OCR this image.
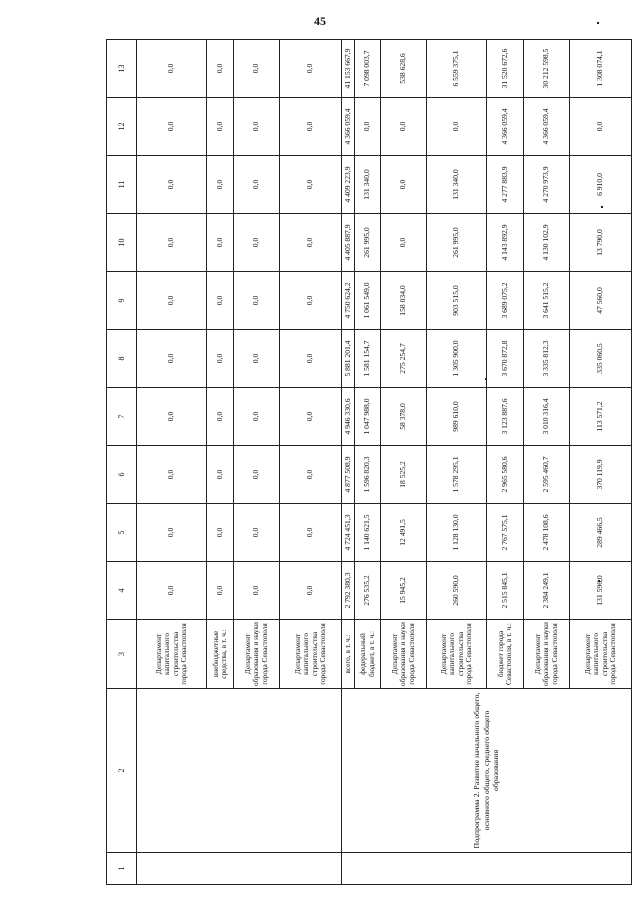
45
1	2	3	4	5	6	7	8	9	10	11	12	13
		Департамент капитального строительства города Севастополя	0,0	0,0	0,0	0,0	0,0	0,0	0,0	0,0	0,0	0,0
		внебюджетные средства, в т. ч.:	0,0	0,0	0,0	0,0	0,0	0,0	0,0	0,0	0,0	0,0
		Департамент образования и науки города Севастополя	0,0	0,0	0,0	0,0	0,0	0,0	0,0	0,0	0,0	0,0
		Департамент капитального строительства города Севастополя	0,0	0,0	0,0	0,0	0,0	0,0	0,0	0,0	0,0	0,0
	Подпрограмма 2. Развитие начального общего, основного общего, среднего общего образования	всего, в т. ч.:	2 792 380,3	4 724 451,3	4 877 508,9	4 946 330,6	5 881 201,4	4 750 624,2	4 405 887,9	4 409 223,9	4 366 059,4	41 153 667,9
		федеральный бюджет, в т. ч.:	276 535,2	1 140 621,5	1 596 820,3	1 047 988,0	1 581 154,7	1 061 549,0	261 995,0	131 340,0	0,0	7 098 003,7
		Департамент образования и науки города Севастополя	15 945,2	12 491,5	18 525,2	58 378,0	275 254,7	158 034,0	0,0	0,0	0,0	538 628,6
		Департамент капитального строительства города Севастополя	260 590,0	1 128 130,0	1 578 295,1	989 610,0	1 305 900,0	903 515,0	261 995,0	131 340,0	0,0	6 559 375,1
		бюджет города Севастополя, в т. ч.:	2 515 845,1	2 767 575,1	2 965 580,6	3 123 887,6	3 670 872,8	3 689 075,2	4 143 892,9	4 277 883,9	4 366 059,4	31 520 672,6
		Департамент образования и науки города Севастополя	2 384 249,1	2 478 108,6	2 595 460,7	3 010 316,4	3 335 812,3	3 641 515,2	4 130 102,9	4 270 973,9	4 366 059,4	30 212 598,5
		Департамент капитального строительства города Севастополя	131 596,0	289 466,5	370 119,9	113 571,2	335 060,5	47 560,0	13 790,0	6 910,0	0,0	1 308 074,1
